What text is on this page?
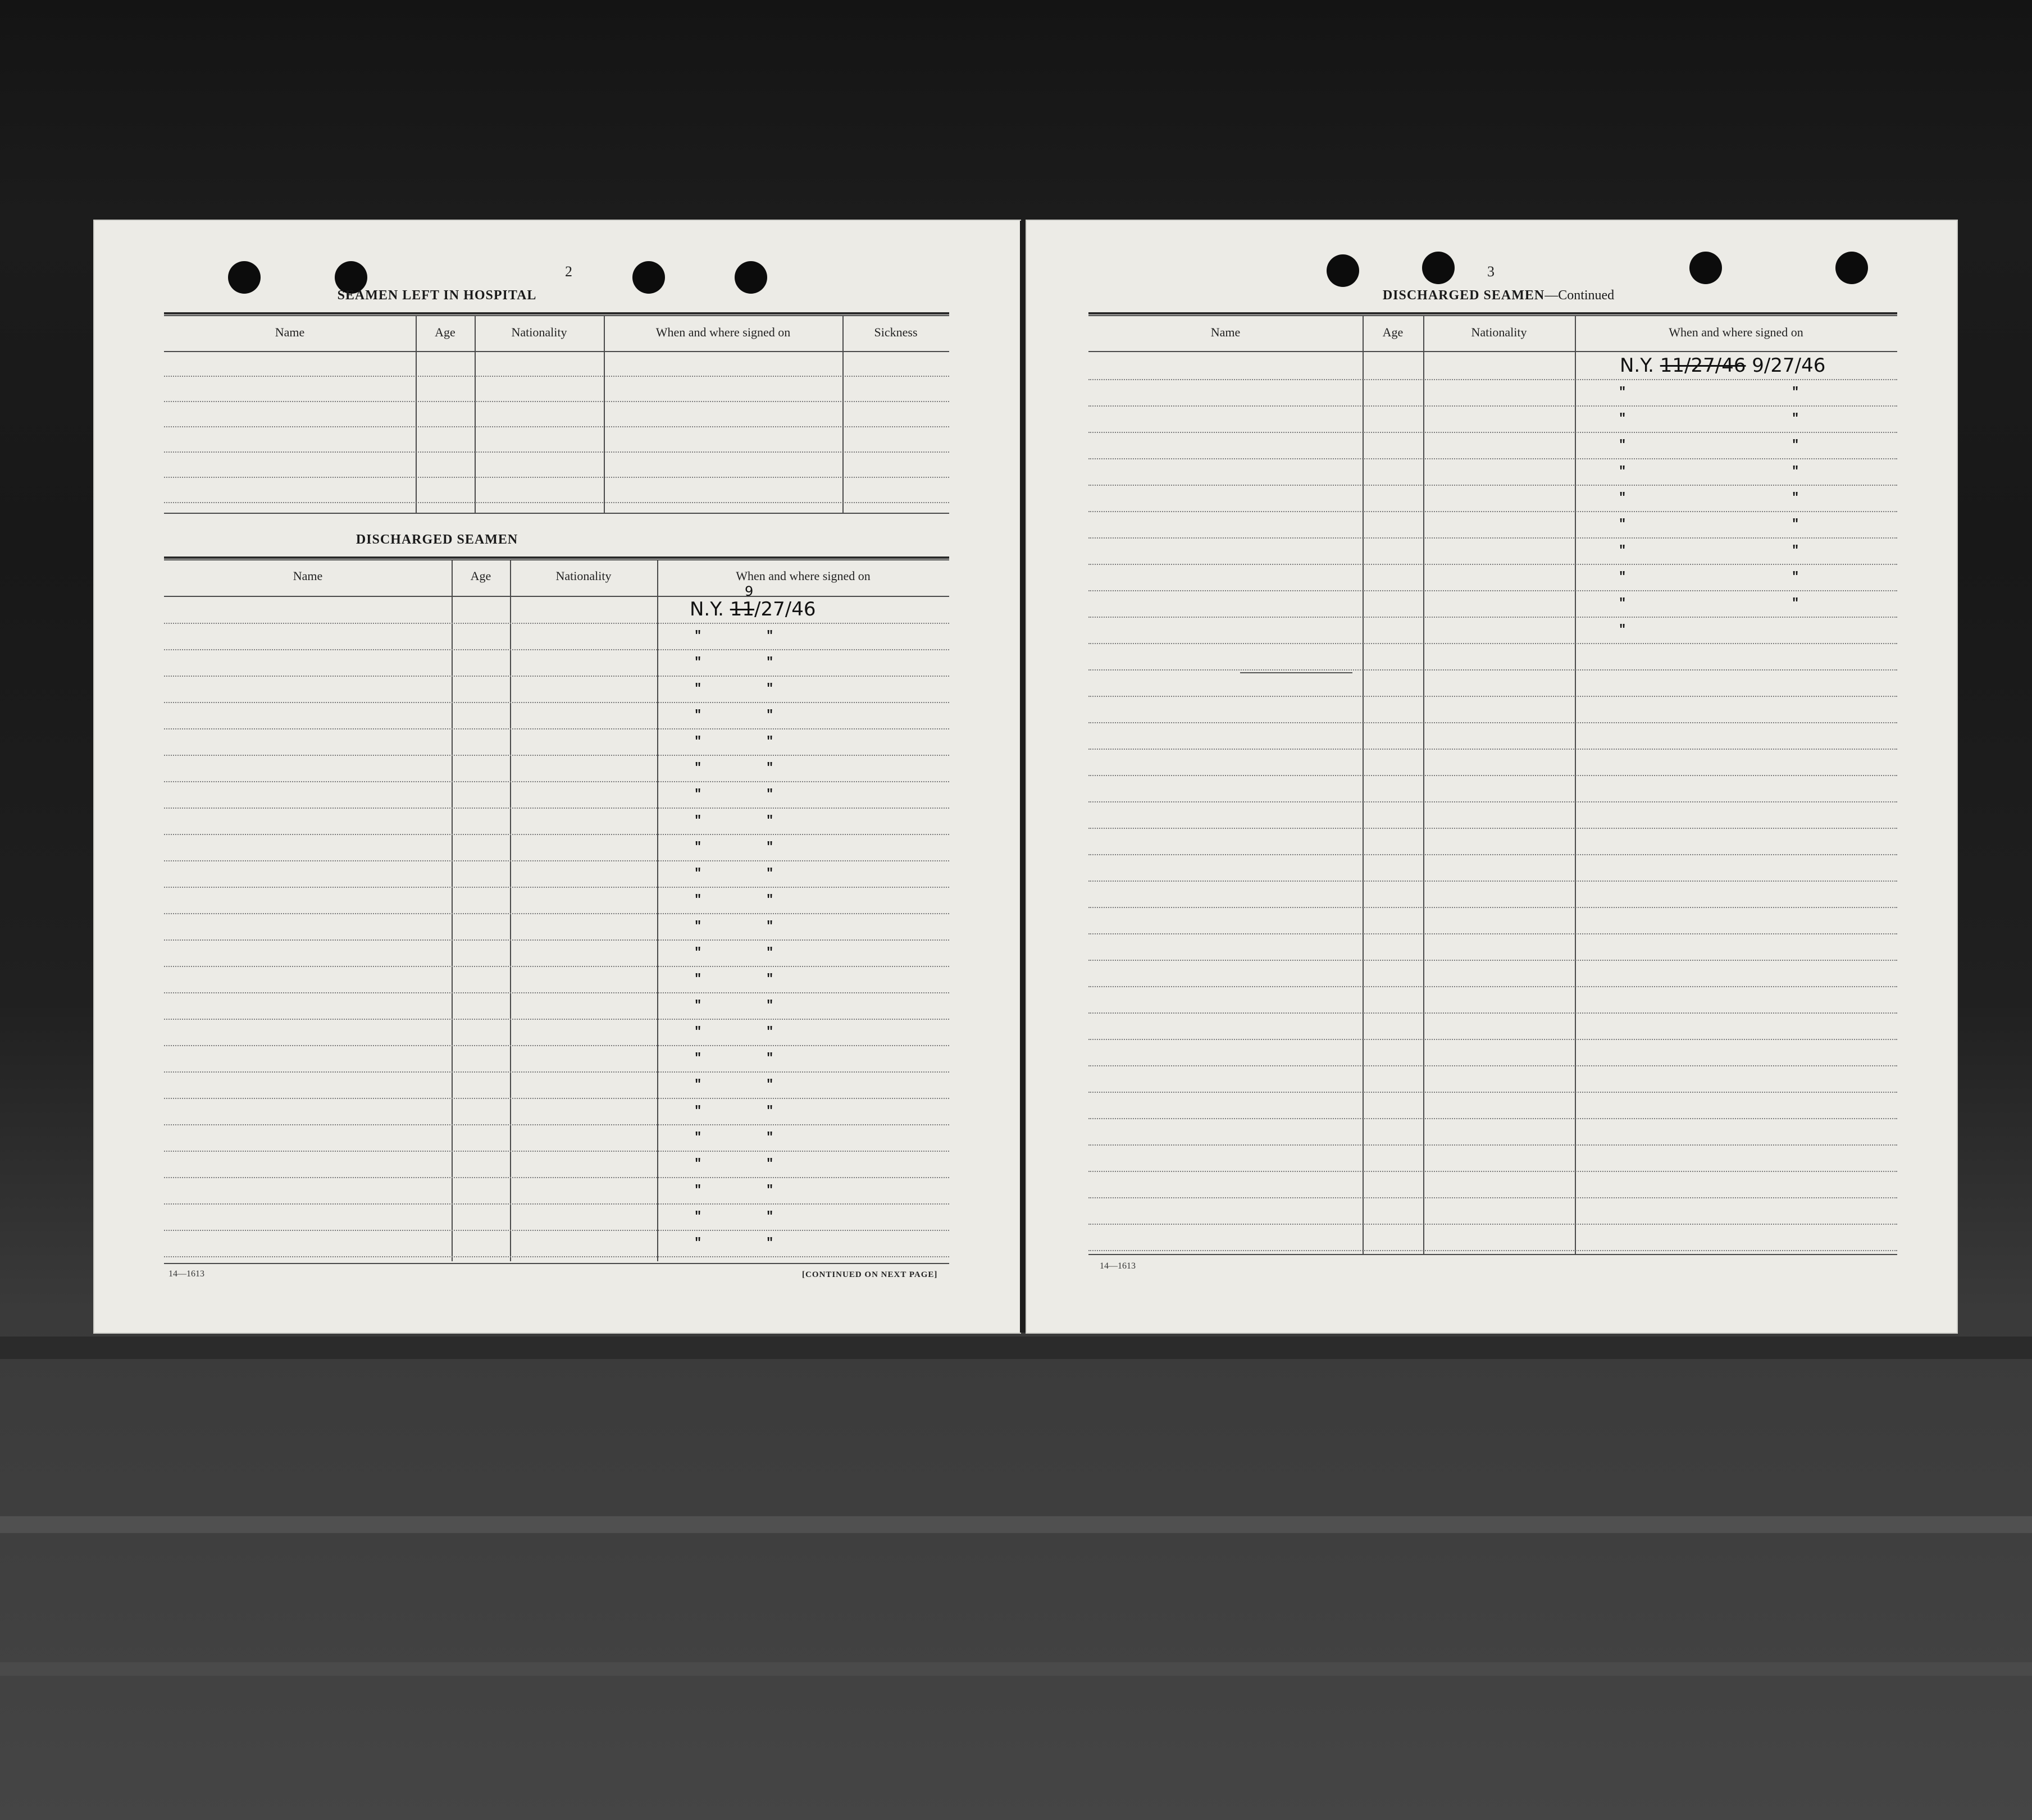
2
SEAMEN LEFT IN HOSPITAL
Name	Age	Nationality	When and where signed on	Sickness
DISCHARGED SEAMEN
Name	Age	Nationality	When and where signed on
N.Y. 11/27/46
9
"	"
"	"
"	"
"	"
"	"
"	"
"	"
"	"
"	"
"	"
"	"
"	"
"	"
"	"
"	"
"	"
"	"
"	"
"	"
"	"
"	"
"	"
"	"
"	"
14—1613	[CONTINUED ON NEXT PAGE]
3
DISCHARGED SEAMEN—Continued
Name	Age	Nationality	When and where signed on
N.Y. 11/27/46 9/27/46
"	"
"	"
"	"
"	"
"	"
"	"
"	"
"	"
"	"
"
14—1613
